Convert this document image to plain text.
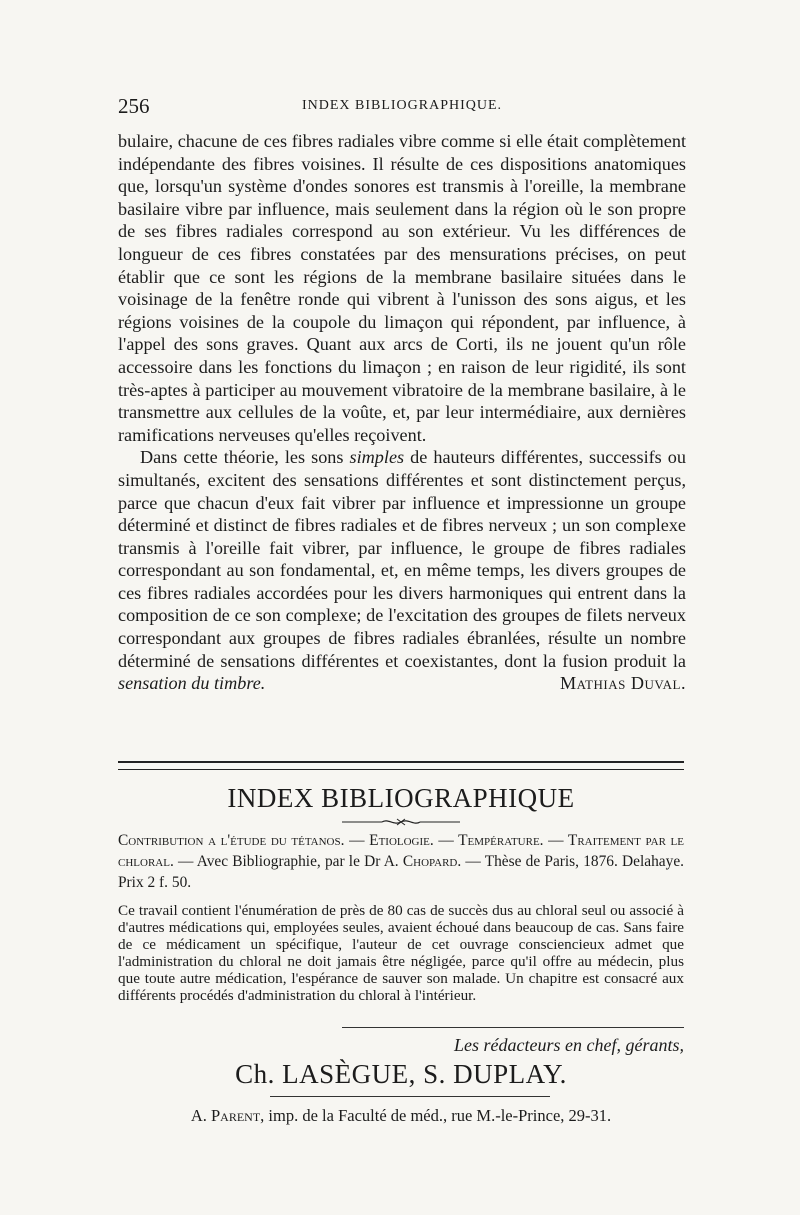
256	INDEX BIBLIOGRAPHIQUE.

bulaire, chacune de ces fibres radiales vibre comme si elle était complètement indépendante des fibres voisines. Il résulte de ces dispositions anatomiques que, lorsqu'un système d'ondes sonores est transmis à l'oreille, la membrane basilaire vibre par influence, mais seulement dans la région où le son propre de ses fibres radiales correspond au son extérieur. Vu les différences de longueur de ces fibres constatées par des mensurations précises, on peut établir que ce sont les régions de la membrane basilaire situées dans le voisinage de la fenêtre ronde qui vibrent à l'unisson des sons aigus, et les régions voisines de la coupole du limaçon qui répondent, par influence, à l'appel des sons graves. Quant aux arcs de Corti, ils ne jouent qu'un rôle accessoire dans les fonctions du limaçon ; en raison de leur rigidité, ils sont très-aptes à participer au mouvement vibratoire de la membrane basilaire, à le transmettre aux cellules de la voûte, et, par leur intermédiaire, aux dernières ramifications nerveuses qu'elles reçoivent.

Dans cette théorie, les sons simples de hauteurs différentes, successifs ou simultanés, excitent des sensations différentes et sont distinctement perçus, parce que chacun d'eux fait vibrer par influence et impressionne un groupe déterminé et distinct de fibres radiales et de fibres nerveux ; un son complexe transmis à l'oreille fait vibrer, par influence, le groupe de fibres radiales correspondant au son fondamental, et, en même temps, les divers groupes de ces fibres radiales accordées pour les divers harmoniques qui entrent dans la composition de ce son complexe; de l'excitation des groupes de filets nerveux correspondant aux groupes de fibres radiales ébranlées, résulte un nombre déterminé de sensations différentes et coexistantes, dont la fusion produit la sensation du timbre.	Mathias Duval.

INDEX BIBLIOGRAPHIQUE
Contribution a l'étude du tétanos. — Etiologie. — Température. — Traitement par le chloral. — Avec Bibliographie, par le Dr A. Chopard. — Thèse de Paris, 1876. Delahaye. Prix 2 f. 50.
Ce travail contient l'énumération de près de 80 cas de succès dus au chloral seul ou associé à d'autres médications qui, employées seules, avaient échoué dans beaucoup de cas. Sans faire de ce médicament un spécifique, l'auteur de cet ouvrage consciencieux admet que l'administration du chloral ne doit jamais être négligée, parce qu'il offre au médecin, plus que toute autre médication, l'espérance de sauver son malade. Un chapitre est consacré aux différents procédés d'administration du chloral à l'intérieur.
Les rédacteurs en chef, gérants,
Ch. LASÈGUE, S. DUPLAY.
A. Parent, imp. de la Faculté de méd., rue M.-le-Prince, 29-31.
